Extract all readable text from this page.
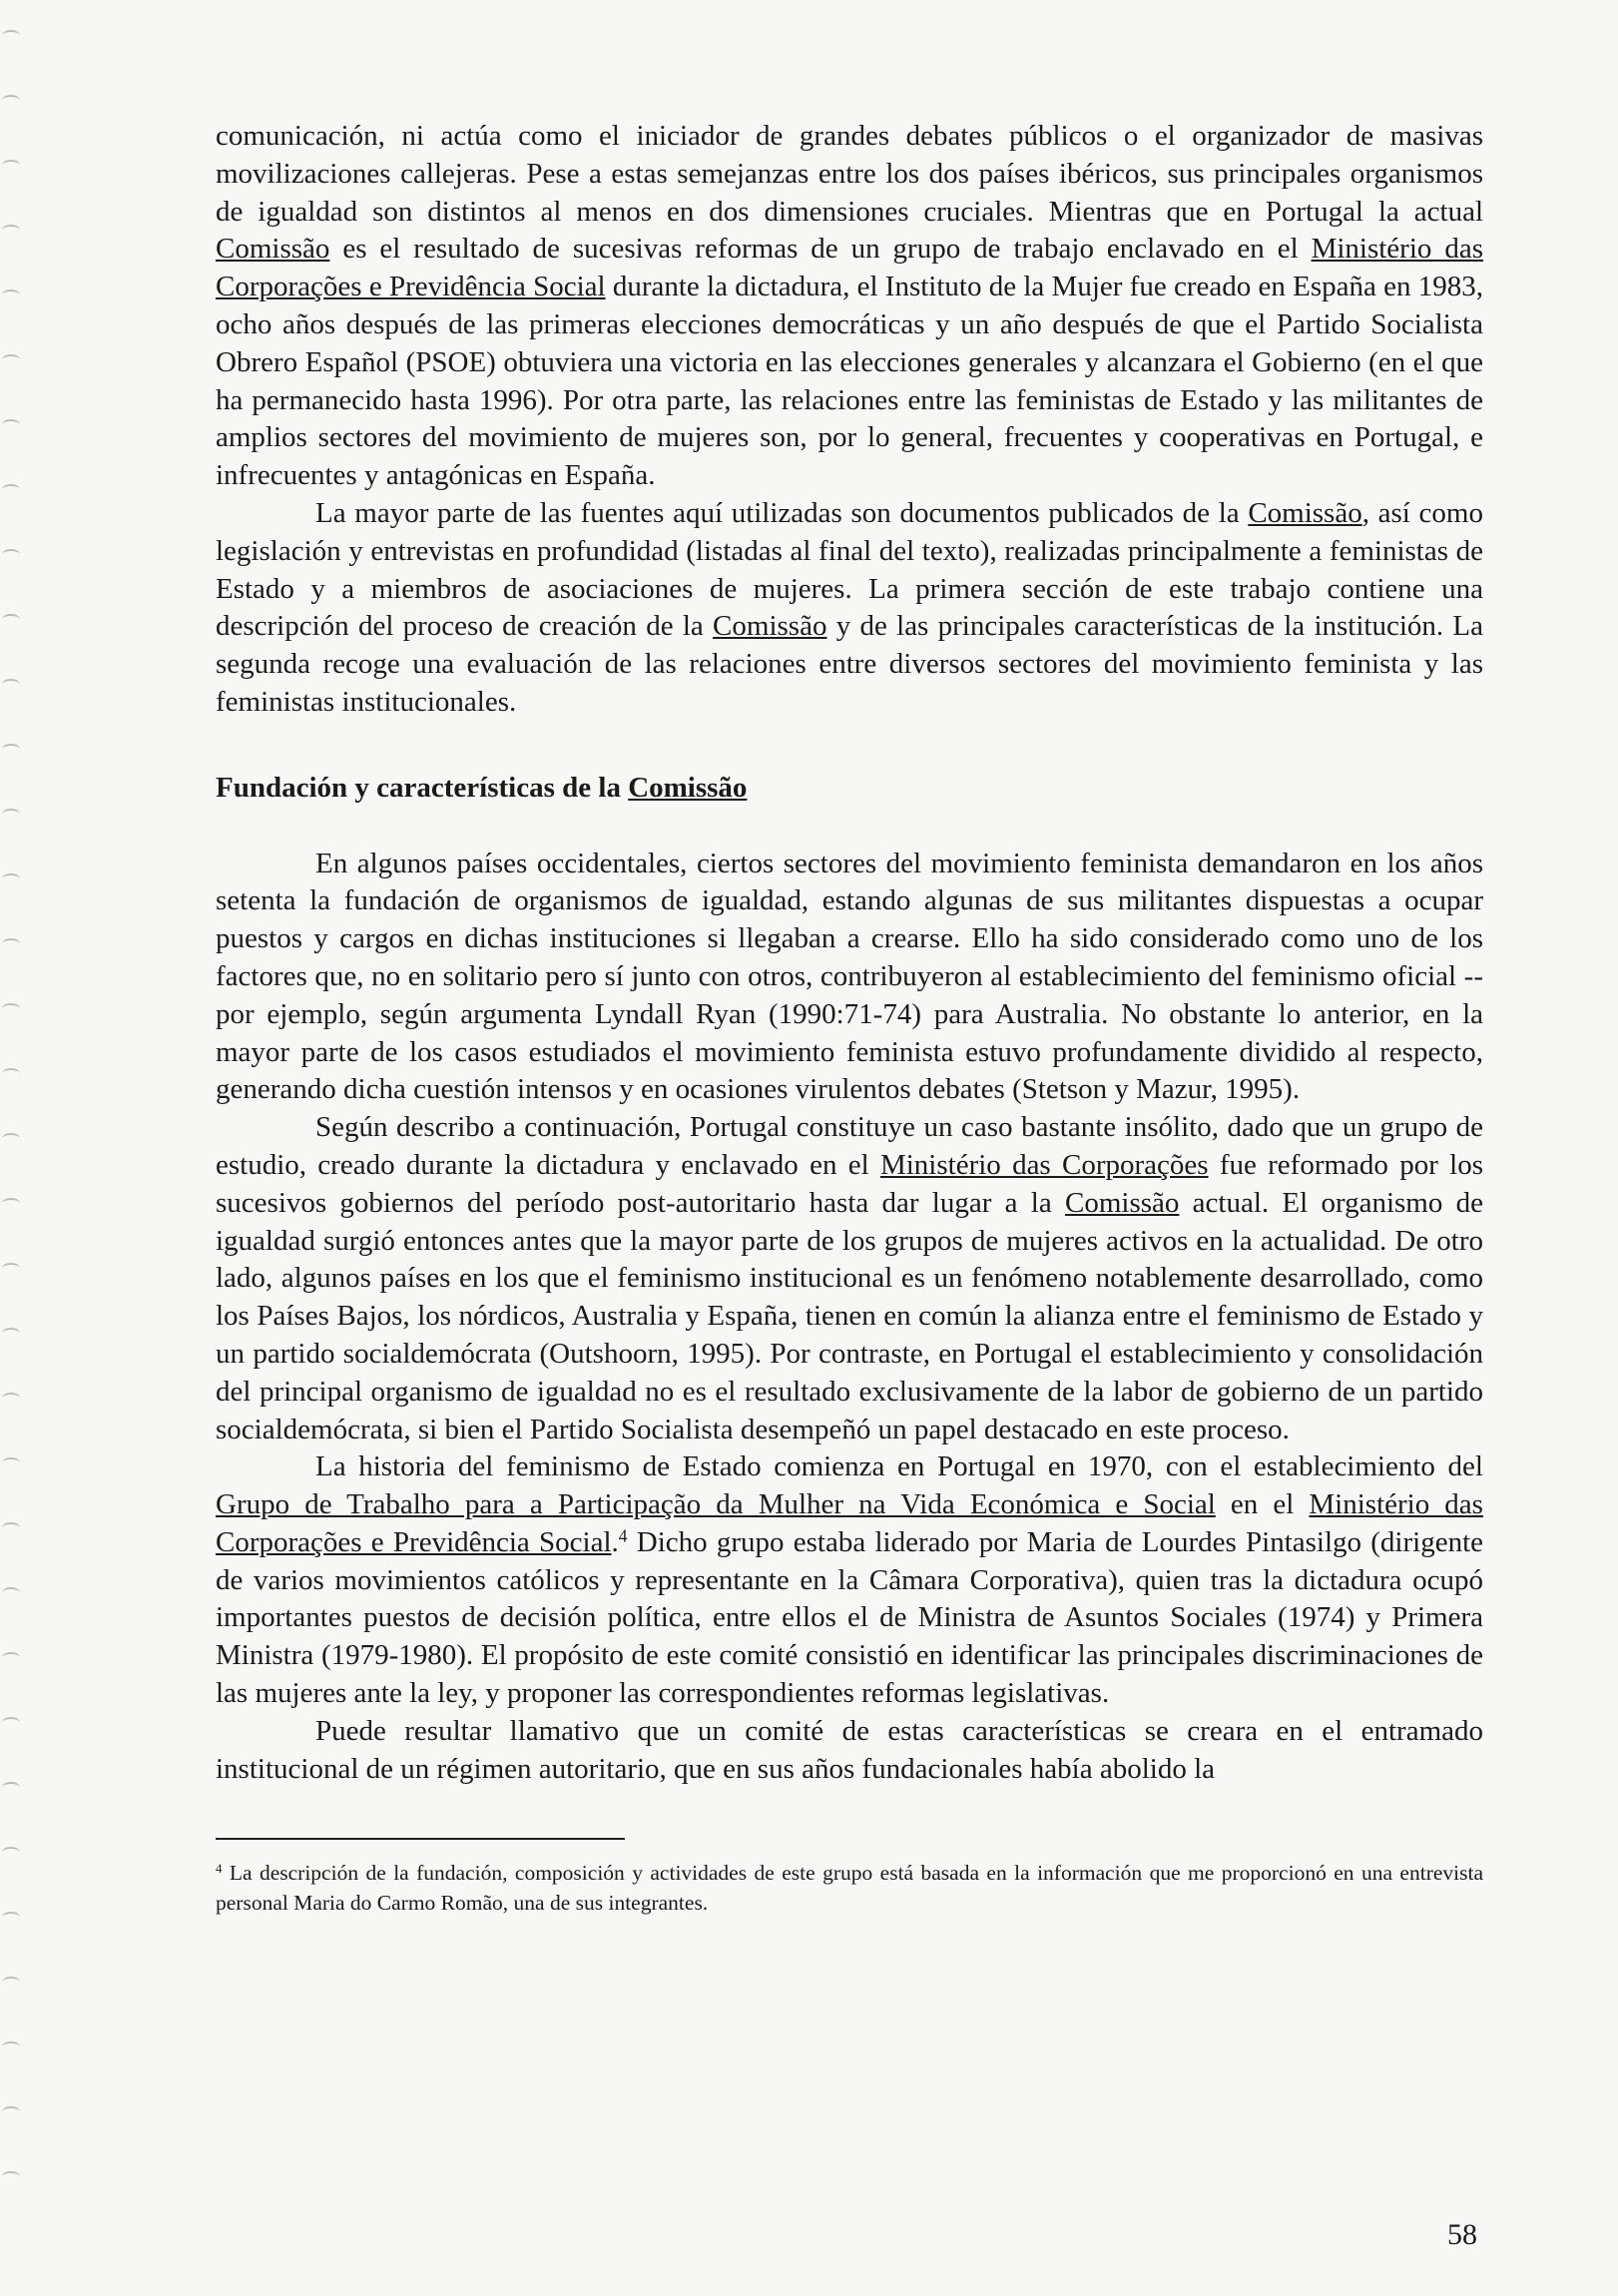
comunicación, ni actúa como el iniciador de grandes debates públicos o el organizador de masivas movilizaciones callejeras. Pese a estas semejanzas entre los dos países ibéricos, sus principales organismos de igualdad son distintos al menos en dos dimensiones cruciales. Mientras que en Portugal la actual Comissão es el resultado de sucesivas reformas de un grupo de trabajo enclavado en el Ministério das Corporações e Previdência Social durante la dictadura, el Instituto de la Mujer fue creado en España en 1983, ocho años después de las primeras elecciones democráticas y un año después de que el Partido Socialista Obrero Español (PSOE) obtuviera una victoria en las elecciones generales y alcanzara el Gobierno (en el que ha permanecido hasta 1996). Por otra parte, las relaciones entre las feministas de Estado y las militantes de amplios sectores del movimiento de mujeres son, por lo general, frecuentes y cooperativas en Portugal, e infrecuentes y antagónicas en España.

La mayor parte de las fuentes aquí utilizadas son documentos publicados de la Comissão, así como legislación y entrevistas en profundidad (listadas al final del texto), realizadas principalmente a feministas de Estado y a miembros de asociaciones de mujeres. La primera sección de este trabajo contiene una descripción del proceso de creación de la Comissão y de las principales características de la institución. La segunda recoge una evaluación de las relaciones entre diversos sectores del movimiento feminista y las feministas institucionales.

Fundación y características de la Comissão

En algunos países occidentales, ciertos sectores del movimiento feminista demandaron en los años setenta la fundación de organismos de igualdad, estando algunas de sus militantes dispuestas a ocupar puestos y cargos en dichas instituciones si llegaban a crearse. Ello ha sido considerado como uno de los factores que, no en solitario pero sí junto con otros, contribuyeron al establecimiento del feminismo oficial -- por ejemplo, según argumenta Lyndall Ryan (1990:71-74) para Australia. No obstante lo anterior, en la mayor parte de los casos estudiados el movimiento feminista estuvo profundamente dividido al respecto, generando dicha cuestión intensos y en ocasiones virulentos debates (Stetson y Mazur, 1995).

Según describo a continuación, Portugal constituye un caso bastante insólito, dado que un grupo de estudio, creado durante la dictadura y enclavado en el Ministério das Corporações fue reformado por los sucesivos gobiernos del período post-autoritario hasta dar lugar a la Comissão actual. El organismo de igualdad surgió entonces antes que la mayor parte de los grupos de mujeres activos en la actualidad. De otro lado, algunos países en los que el feminismo institucional es un fenómeno notablemente desarrollado, como los Países Bajos, los nórdicos, Australia y España, tienen en común la alianza entre el feminismo de Estado y un partido socialdemócrata (Outshoorn, 1995). Por contraste, en Portugal el establecimiento y consolidación del principal organismo de igualdad no es el resultado exclusivamente de la labor de gobierno de un partido socialdemócrata, si bien el Partido Socialista desempeñó un papel destacado en este proceso.

La historia del feminismo de Estado comienza en Portugal en 1970, con el establecimiento del Grupo de Trabalho para a Participação da Mulher na Vida Económica e Social en el Ministério das Corporações e Previdência Social.$^4$ Dicho grupo estaba liderado por Maria de Lourdes Pintasilgo (dirigente de varios movimientos católicos y representante en la Câmara Corporativa), quien tras la dictadura ocupó importantes puestos de decisión política, entre ellos el de Ministra de Asuntos Sociales (1974) y Primera Ministra (1979-1980). El propósito de este comité consistió en identificar las principales discriminaciones de las mujeres ante la ley, y proponer las correspondientes reformas legislativas.

Puede resultar llamativo que un comité de estas características se creara en el entramado institucional de un régimen autoritario, que en sus años fundacionales había abolido la

$^4$ La descripción de la fundación, composición y actividades de este grupo está basada en la información que me proporcionó en una entrevista personal Maria do Carmo Romão, una de sus integrantes.
58
